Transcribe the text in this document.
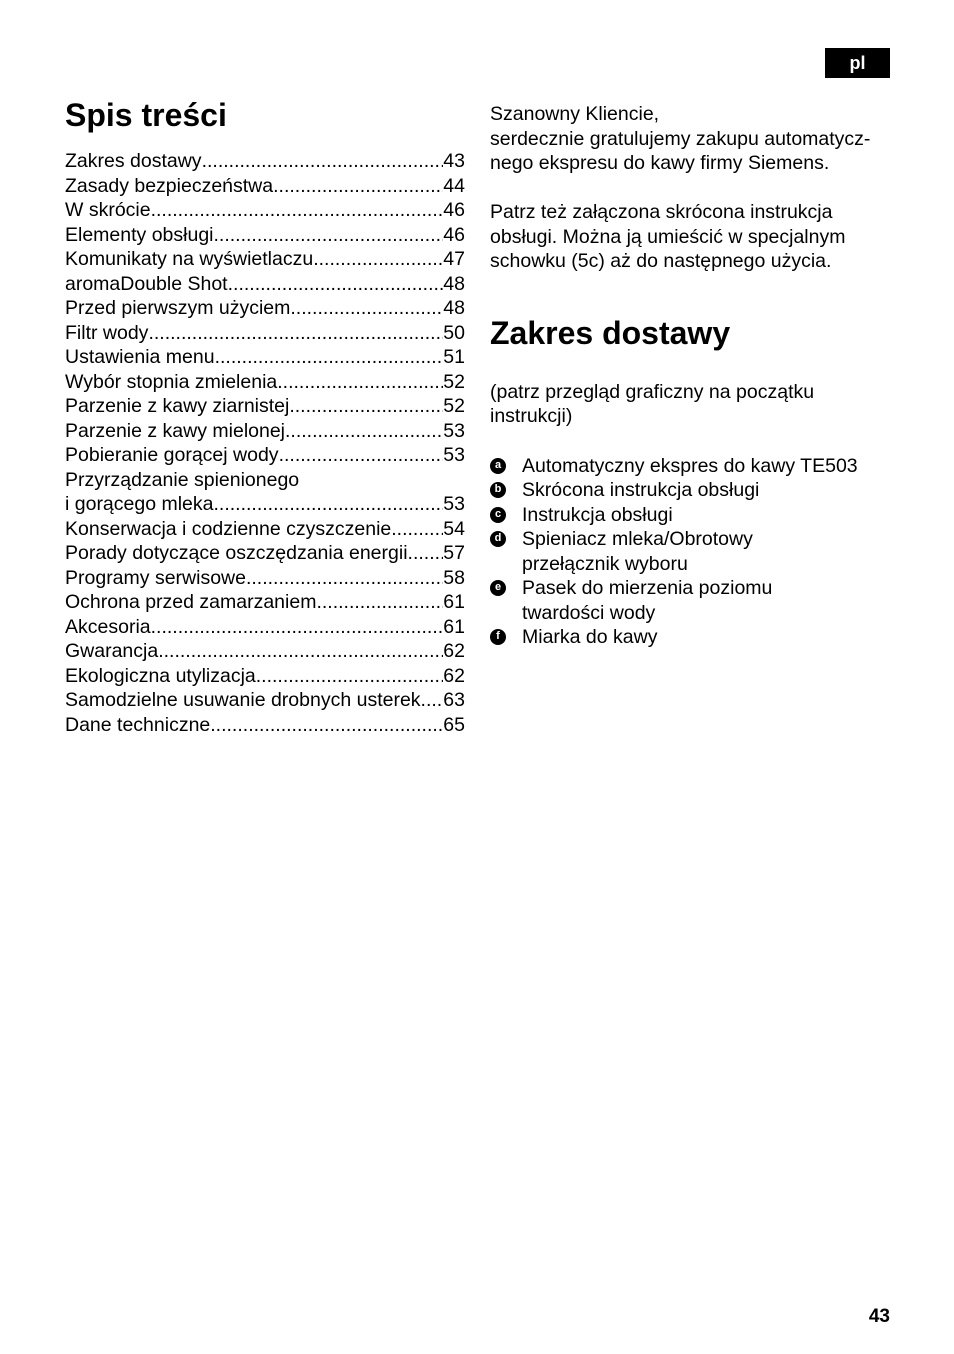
pl
Spis treści
Zakres dostawy .....	43
Zasady bezpieczeństwa .....	44
W skrócie .....	46
Elementy obsługi .....	46
Komunikaty na wyświetlaczu .....	47
aromaDouble Shot .....	48
Przed pierwszym użyciem .....	48
Filtr wody .....	50
Ustawienia menu .....	51
Wybór stopnia zmielenia .....	52
Parzenie z kawy ziarnistej .....	52
Parzenie z kawy mielonej .....	53
Pobieranie gorącej wody .....	53
Przyrządzanie spienionego
i gorącego mleka .....	53
Konserwacja i codzienne czyszczenie .....	54
Porady dotyczące oszczędzania energii ..... 57
Programy serwisowe .....	58
Ochrona przed zamarzaniem .....	61
Akcesoria .....	61
Gwarancja .....	62
Ekologiczna utylizacja .....	62
Samodzielne usuwanie drobnych usterek ..... 63
Dane techniczne .....	65

Szanowny Kliencie,

serdecznie gratulujemy zakupu automatycz-

nego ekspresu do kawy firmy Siemens.

Patrz też załączona skrócona instrukcja

obsługi. Można ją umieścić w specjalnym

schowku (5c) aż do następnego użycia.

Zakres dostawy
(patrz przegląd graficzny na początku
instrukcji)
a Automatyczny ekspres do kawy TE503
b Skrócona instrukcja obsługi
c Instrukcja obsługi
d Spieniacz mleka/Obrotowy
przełącznik wyboru
e Pasek do mierzenia poziomu
twardości wody
f	Miarka do kawy
43
